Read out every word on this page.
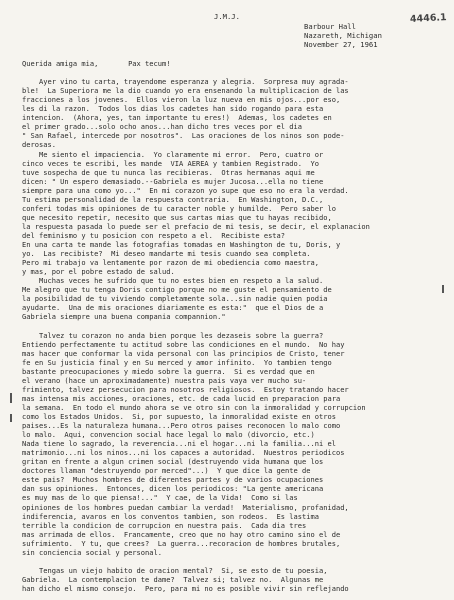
J.M.J.	4446.1
Barbour Hall
Nazareth, Michigan
November 27, 1961
Querida amiga mia,       Pax tecum!
Ayer vino tu carta, trayendome esperanza y alegria.  Sorpresa muy agrada-
ble!  La Superiora me la dio cuando yo era ensenando la multiplicacion de las
fracciones a los jovenes.  Ellos vieron la luz nueva en mis ojos...por eso,
les di la razon.  Todos los dias los cadetes han sido rogando para esta
intencion.  (Ahora, yes, tan importante tu eres!)  Ademas, los cadetes en
el primer grado...solo ocho anos...han dicho tres veces por el dia
" San Rafael, intercede por nosotros".  Las oraciones de los ninos son pode-
derosas.
Me siento el impaciencia.  Yo claramente mi error.  Pero, cuatro or
cinco veces te escribi, les mande  VIA AEREA y tambien Registrado.  Yo
tuve sospecha de que tu nunca las recibieras.  Otras hermanas aqui me
dicen: " Un espero demasiado.--Gabriela es mujer Jucosa...ella no tiene
siempre para una como yo..."  En mi corazon yo supe que eso no era la verdad.
Tu estima personalidad de la respuesta contraria.  En Washington, D.C.,
conferi todas mis opiniones de tu caracter noble y humilde.  Pero saber lo
que necesito repetir, necesito que sus cartas mias que tu hayas recibido,
la respuesta pasada lo puede ser el prefacio de mi tesis, se decir, el explanacion
del feminismo y tu posicion con respeto a el.  Recibiste esta?
En una carta te mande las fotografias tomadas en Washington de tu, Doris, y
yo.  Las recibiste?  Mi deseo mandarte mi tesis cuando sea completa.
Pero mi trabajo va lentamente por razon de mi obediencia como maestra,
y mas, por el pobre estado de salud.
Muchas veces he sufrido que tu no estes bien en respeto a la salud.
Me alegro que tu tenga Doris contigo porque no me guste el pensamiento de
la posibilidad de tu viviendo completamente sola...sin nadie quien podia
ayudarte.  Una de mis oraciones diariamente es esta:"  que el Dios de a
Gabriela siempre una buena compania compannion."
Talvez tu corazon no anda bien porque les dezaseis sobre la guerra?
Entiendo perfectamente tu actitud sobre las condiciones en el mundo.  No hay
mas hacer que conformar la vida personal con las principios de Cristo, tener
fe en Su justicia final y en Su merced y amor infinito.  Yo tambien tengo
bastante preocupaciones y miedo sobre la guerra.  Si es verdad que en
el verano (hace un aproximadamente) nuestra pais vaya ver mucho su-
frimiento, talvez persecucion para nosotros religiosos.  Estoy tratando hacer
mas intensa mis acciones, oraciones, etc. de cada lucid en preparacion para
la semana.  En todo el mundo ahora se ve otro sin con la inmoralidad y corrupcion
como los Estados Unidos.  Si, por supuesto, la inmoralidad existe en otros
paises...Es la naturaleza humana...Pero otros paises reconocen lo malo como
lo malo.  Aqui, convencion social hace legal lo malo (divorcio, etc.)
Nada tiene lo sagrado, la reverencia...ni el hogar...ni la familia...ni el
matrimonio...ni los ninos...ni los capaces a autoridad.  Nuestros periodicos
gritan en frente a algun crimen social (destruyendo vida humana que los
doctores llaman "destruyendo por merced"...)  Y que dice la gente de
este pais?  Muchos hombres de diferentes partes y de varios ocupaciones
dan sus opiniones.  Entonces, dicen los periodicos: "La gente americana
es muy mas de lo que piensa!..."  Y cae, de la Vida!  Como si las
opiniones de los hombres puedan cambiar la verdad!  Materialismo, profanidad,
indiferencia, avaros en los conventos tambien, son rodeos.  Es lastima
terrible la condicion de corrupcion en nuestra pais.  Cada dia tres
mas arrimada de ellos.  Francamente, creo que no hay otro camino sino el de
sufrimiento.  Y tu, que crees?  La guerra...recoracion de hombres brutales,
sin conciencia social y personal.
Tengas un viejo habito de oracion mental?  Si, se esto de tu poesia,
Gabriela.  La contemplacion te dame?  Talvez si; talvez no.  Algunas me
han dicho el mismo consejo.  Pero, para mi no es posible vivir sin reflejando
